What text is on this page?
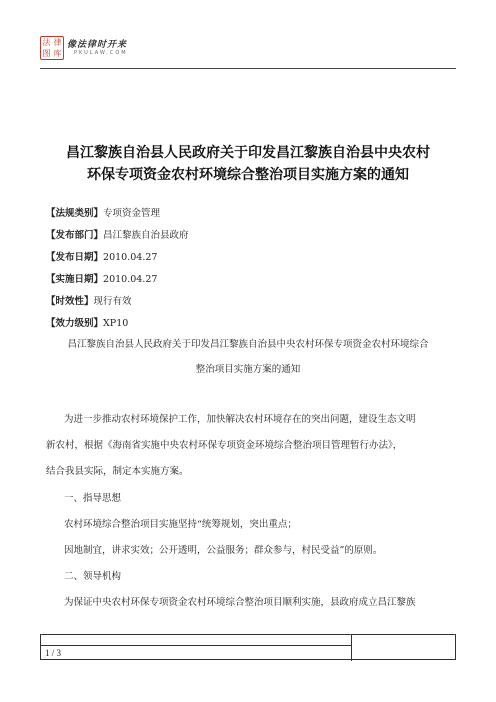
法 律
图 库
像法律时开来
PKULAW.COM
昌江黎族自治县人民政府关于印发昌江黎族自治县中央农村
环保专项资金农村环境综合整治项目实施方案的通知
【 法规类别 】 专项资金管理
【 发布部门 】 昌江黎族自治县政府
【 发布日期 】 2010.04.27
【 实施日期 】 2010.04.27
【 时效性 】 现行有效
【 效力级别 】 XP10
昌江黎族自治县人民政府关于印发昌江黎族自治县中央农村环保专项资金农村环境综合
整治项目实施方案的通知
为进一步推动农村环境保护工作，加快解决农村环境存在的突出问题，建设生态文明
新农村，根据《海南省实施中央农村环保专项资金环境综合整治项目管理暂行办法》，
结合我县实际，制定本实施方案。
一、指导思想
农村环境综合整治项目实施坚持“统筹规划，突出重点；
因地制宜，讲求实效；公开透明，公益服务；群众参与，村民受益”的原则。
二、领导机构
为保证中央农村环保专项资金农村环境综合整治项目顺利实施，县政府成立昌江黎族
1 / 3
